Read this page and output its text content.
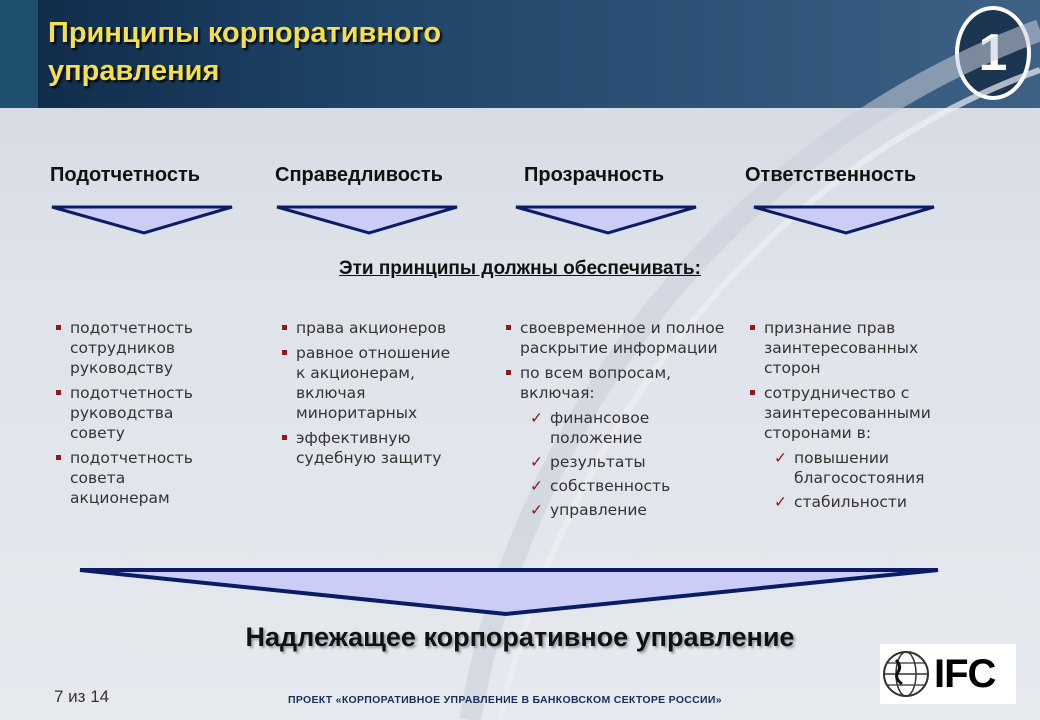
Принципы корпоративного
управления	1
Подотчетность	Справедливость	Прозрачность	Ответственность
Эти принципы должны обеспечивать:
подотчетность сотрудников руководству
подотчетность руководства совету
подотчетность совета акционерам
права акционеров
равное отношение к акционерам, включая миноритарных
эффективную судебную защиту
своевременное и полное раскрытие информации
по всем вопросам, включая:
✓ финансовое положение
✓ результаты
✓ собственность
✓ управление
признание прав заинтересованных сторон
сотрудничество с заинтересованными сторонами в:
✓ повышении благосостояния
✓ стабильности
Надлежащее корпоративное управление
7 из 14	ПРОЕКТ «КОРПОРАТИВНОЕ УПРАВЛЕНИЕ В БАНКОВСКОМ СЕКТОРЕ РОССИИ»
IFC
